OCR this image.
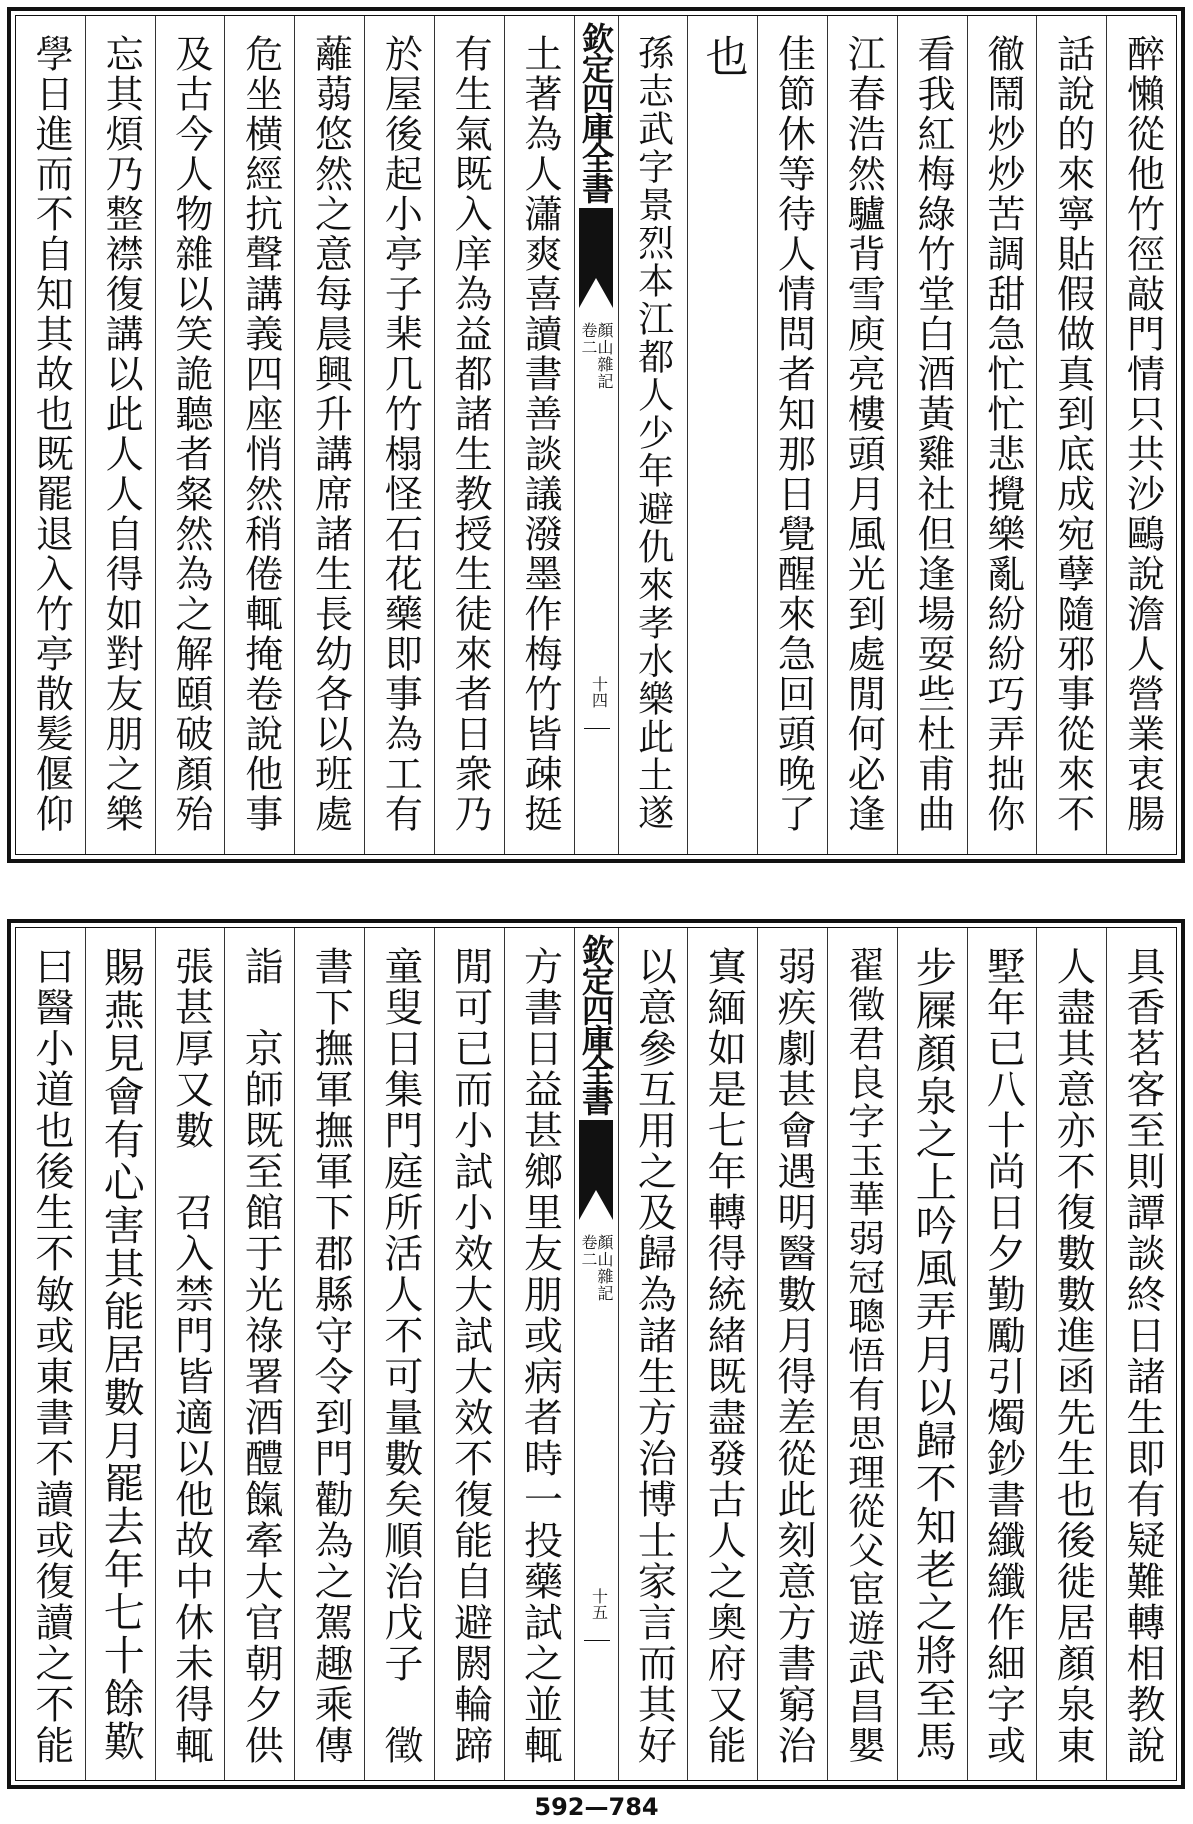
醉懶從他竹徑敲門情只共沙鷗說澹人營業衷腸
話說的來寧貼假做真到底成宛孽隨邪事從來不
徹鬧炒炒苦調甜急忙忙悲攪樂亂紛紛巧弄拙你
看我紅梅綠竹堂白酒黃雞社但逢場耍些杜甫曲
江春浩然驢背雪庾亮樓頭月風光到處閒何必逢
佳節休等待人情問者知那日覺醒來急回頭晚了
也
孫志武字景烈本江都人少年避仇來孝水樂此土遂
欽定四庫全書
顏山雜記
卷二
十四
土著為人瀟爽喜讀書善談議潑墨作梅竹皆疎挺
有生氣既入庠為益都諸生教授生徒來者日衆乃
於屋後起小亭子棐几竹榻怪石花藥即事為工有
蘺蒻悠然之意每晨興升講席諸生長幼各以班處
危坐横經抗聲講義四座悄然稍倦輒掩卷說他事
及古今人物雜以笑詭聽者粲然為之解頤破顏殆
忘其煩乃整襟復講以此人人自得如對友朋之樂
學日進而不自知其故也既罷退入竹亭散髪偃仰
具香茗客至則譚談終日諸生即有疑難轉相教說
人盡其意亦不復數數進函先生也後徙居顏泉東
墅年已八十尚日夕勤勵引燭鈔書纖纖作細字或
步屧顏泉之上吟風弄月以歸不知老之將至馬
翟徵君良字玉華弱冠聰悟有思理從父宦遊武昌嬰
弱疾劇甚會遇明醫數月得差從此刻意方書窮治
寘緬如是七年轉得統緒既盡發古人之奧府又能
以意參互用之及歸為諸生方治博士家言而其好
欽定四庫全書
顏山雜記
卷二
十五
方書日益甚鄉里友朋或病者時一投藥試之並輒
閒可已而小試小效大試大效不復能自避閼輪蹄
童叟日集門庭所活人不可量數矣順治戊子　徵
書下撫軍撫軍下郡縣守令到門勸為之駕趣乘傳
詣　京師既至館于光祿署酒醴餼牽大官朝夕供
張甚厚又數　召入禁門皆適以他故中休未得輒
賜燕見會有心害其能居數月罷去年七十餘歎
曰醫小道也後生不敏或東書不讀或復讀之不能
592—784
